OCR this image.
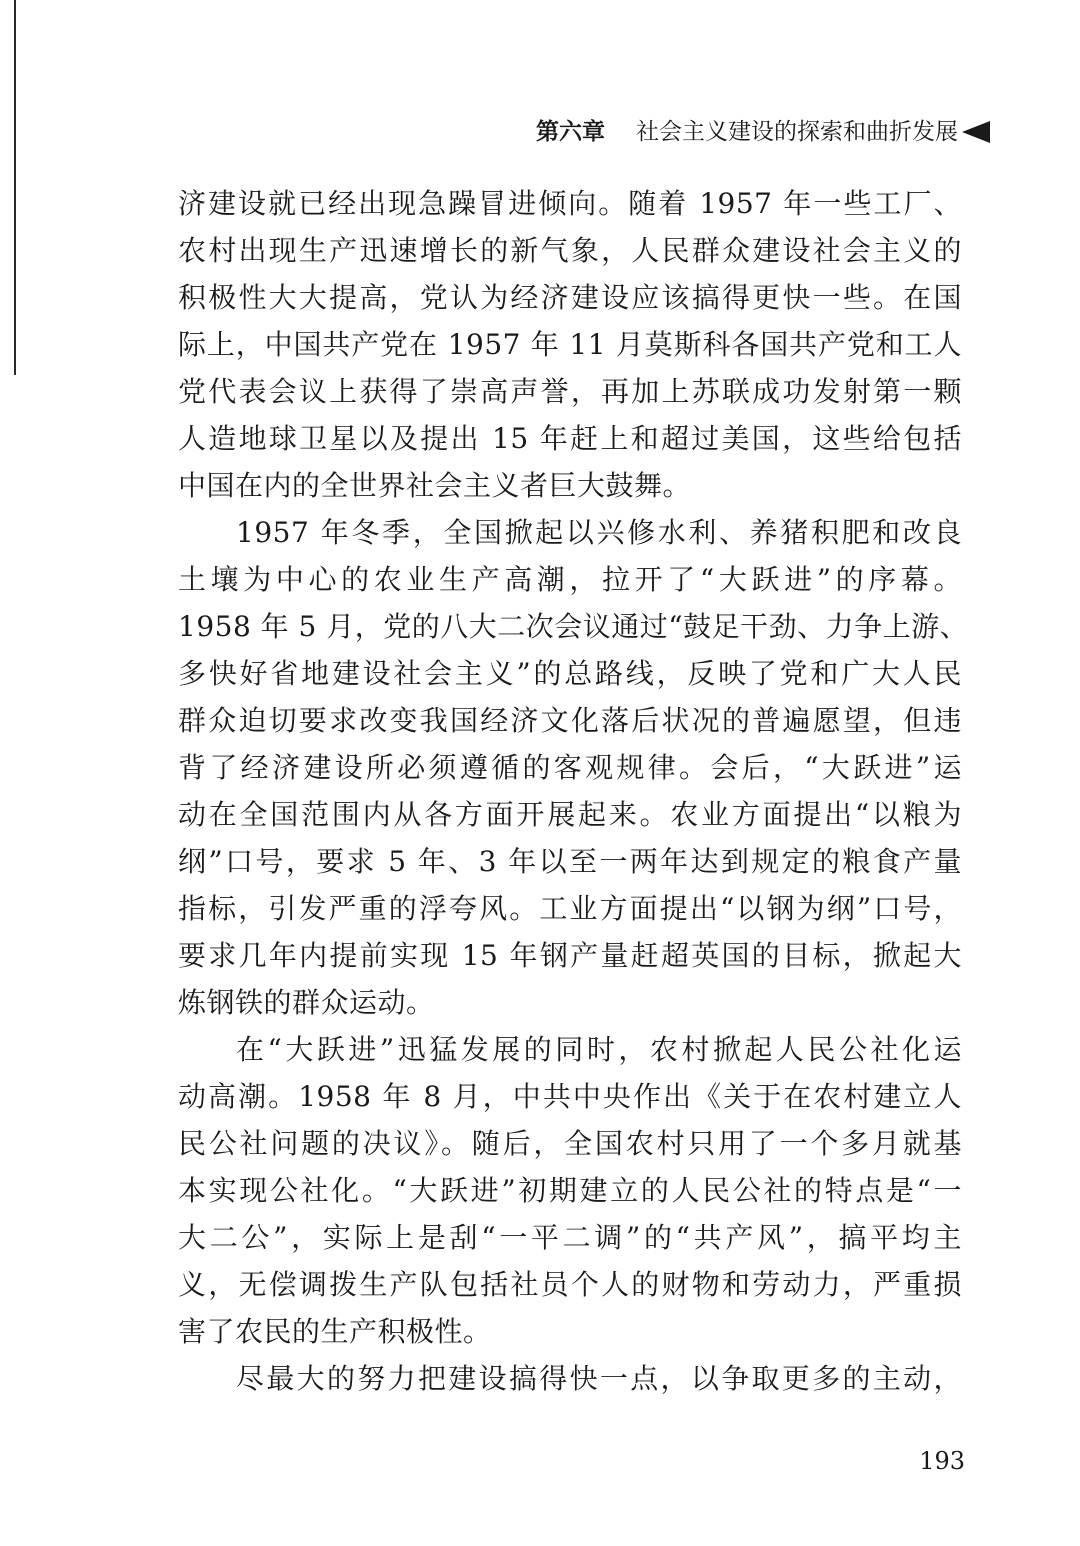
第六章 社会主义建设的探索和曲折发展
济建设就已经出现急躁冒进倾向。随着 1957 年一些工厂、
农村出现生产迅速增长的新气象，人民群众建设社会主义的
积极性大大提高，党认为经济建设应该搞得更快一些。在国
际上，中国共产党在 1957 年 11 月莫斯科各国共产党和工人
党代表会议上获得了崇高声誉，再加上苏联成功发射第一颗
人造地球卫星以及提出 15 年赶上和超过美国，这些给包括
中国在内的全世界社会主义者巨大鼓舞。
1957 年冬季，全国掀起以兴修水利、养猪积肥和改良
土壤为中心的农业生产高潮，拉开了“大跃进”的序幕。
1958 年 5 月，党的八大二次会议通过“鼓足干劲、力争上游、
多快好省地建设社会主义”的总路线，反映了党和广大人民
群众迫切要求改变我国经济文化落后状况的普遍愿望，但违
背了经济建设所必须遵循的客观规律。会后，“大跃进”运
动在全国范围内从各方面开展起来。农业方面提出“以粮为
纲”口号，要求 5 年、3 年以至一两年达到规定的粮食产量
指标，引发严重的浮夸风。工业方面提出“以钢为纲”口号，
要求几年内提前实现 15 年钢产量赶超英国的目标，掀起大
炼钢铁的群众运动。
在“大跃进”迅猛发展的同时，农村掀起人民公社化运
动高潮。1958 年 8 月，中共中央作出《关于在农村建立人
民公社问题的决议》。随后，全国农村只用了一个多月就基
本实现公社化。“大跃进”初期建立的人民公社的特点是“一
大二公”，实际上是刮“一平二调”的“共产风”，搞平均主
义，无偿调拨生产队包括社员个人的财物和劳动力，严重损
害了农民的生产积极性。
尽最大的努力把建设搞得快一点，以争取更多的主动，
193
